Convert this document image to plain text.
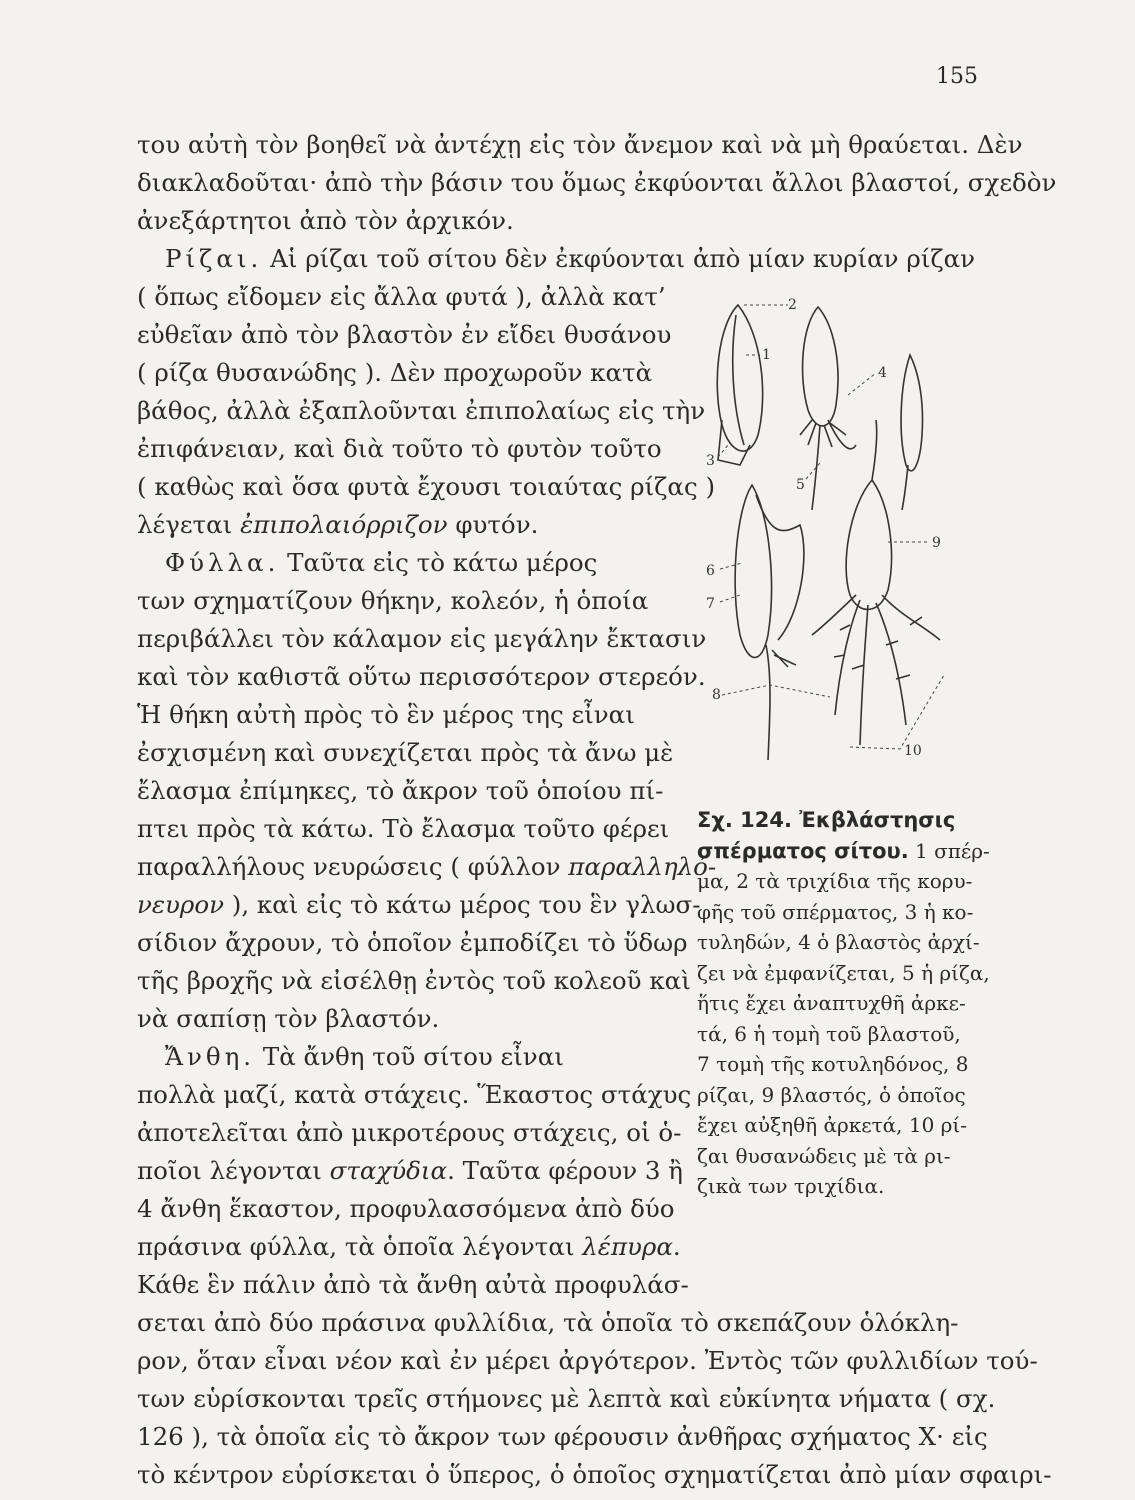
155
του αὐτὴ τὸν βοηθεῖ νὰ ἀντέχῃ εἰς τὸν ἄνεμον καὶ νὰ μὴ θραύεται. Δὲν
διακλαδοῦται· ἀπὸ τὴν βάσιν του ὅμως ἐκφύονται ἄλλοι βλαστοί, σχεδὸν
ἀνεξάρτητοι ἀπὸ τὸν ἀρχικόν.
Ρίζαι. Αἱ ρίζαι τοῦ σίτου δὲν ἐκφύονται ἀπὸ μίαν κυρίαν ρίζαν
( ὅπως εἴδομεν εἰς ἄλλα φυτά ), ἀλλὰ κατ’
εὐθεῖαν ἀπὸ τὸν βλαστὸν ἐν εἴδει θυσάνου
( ρίζα θυσανώδης ). Δὲν προχωροῦν κατὰ
βάθος, ἀλλὰ ἐξαπλοῦνται ἐπιπολαίως εἰς τὴν
ἐπιφάνειαν, καὶ διὰ τοῦτο τὸ φυτὸν τοῦτο
( καθὼς καὶ ὅσα φυτὰ ἔχουσι τοιαύτας ρίζας )
λέγεται ἐπιπολαιόρριζον φυτόν.
Φύλλα. Ταῦτα εἰς τὸ κάτω μέρος
των σχηματίζουν θήκην, κολεόν, ἡ ὁποία
περιβάλλει τὸν κάλαμον εἰς μεγάλην ἔκτασιν
καὶ τὸν καθιστᾶ οὕτω περισσότερον στερεόν.
Ἡ θήκη αὐτὴ πρὸς τὸ ἓν μέρος της εἶναι
ἐσχισμένη καὶ συνεχίζεται πρὸς τὰ ἄνω μὲ
ἔλασμα ἐπίμηκες, τὸ ἄκρον τοῦ ὁποίου πί-
πτει πρὸς τὰ κάτω. Τὸ ἔλασμα τοῦτο φέρει
παραλλήλους νευρώσεις ( φύλλον παραλληλό-
νευρον ), καὶ εἰς τὸ κάτω μέρος του ἓν γλωσ-
σίδιον ἄχρουν, τὸ ὁποῖον ἐμποδίζει τὸ ὕδωρ
τῆς βροχῆς νὰ εἰσέλθῃ ἐντὸς τοῦ κολεοῦ καὶ
νὰ σαπίσῃ τὸν βλαστόν.
Ἄνθη. Τὰ ἄνθη τοῦ σίτου εἶναι
πολλὰ μαζί, κατὰ στάχεις. Ἕκαστος στάχυς
ἀποτελεῖται ἀπὸ μικροτέρους στάχεις, οἱ ὁ-
ποῖοι λέγονται σταχύδια. Ταῦτα φέρουν 3 ἢ
4 ἄνθη ἕκαστον, προφυλασσόμενα ἀπὸ δύο
πράσινα φύλλα, τὰ ὁποῖα λέγονται λέπυρα.
Κάθε ἓν πάλιν ἀπὸ τὰ ἄνθη αὐτὰ προφυλάσ-
σεται ἀπὸ δύο πράσινα φυλλίδια, τὰ ὁποῖα τὸ σκεπάζουν ὁλόκλη-
ρον, ὅταν εἶναι νέον καὶ ἐν μέρει ἀργότερον. Ἐντὸς τῶν φυλλιδίων τού-
των εὑρίσκονται τρεῖς στήμονες μὲ λεπτὰ καὶ εὐκίνητα νήματα ( σχ.
126 ), τὰ ὁποῖα εἰς τὸ ἄκρον των φέρουσιν ἀνθῆρας σχήματος Χ· εἰς
τὸ κέντρον εὑρίσκεται ὁ ὕπερος, ὁ ὁποῖος σχηματίζεται ἀπὸ μίαν σφαιρι-
2
1
4
3
5
6
9
7
8
10
Σχ. 124. Ἐκβλάστησις
σπέρματος σίτου. 1 σπέρ-
μα, 2 τὰ τριχίδια τῆς κορυ-
φῆς τοῦ σπέρματος, 3 ἡ κο-
τυληδών, 4 ὁ βλαστὸς ἀρχί-
ζει νὰ ἐμφανίζεται, 5 ἡ ρίζα,
ἥτις ἔχει ἀναπτυχθῆ ἀρκε-
τά, 6 ἡ τομὴ τοῦ βλαστοῦ,
7 τομὴ τῆς κοτυληδόνος, 8
ρίζαι, 9 βλαστός, ὁ ὁποῖος
ἔχει αὐξηθῆ ἀρκετά, 10 ρί-
ζαι θυσανώδεις μὲ τὰ ρι-
ζικὰ των τριχίδια.
